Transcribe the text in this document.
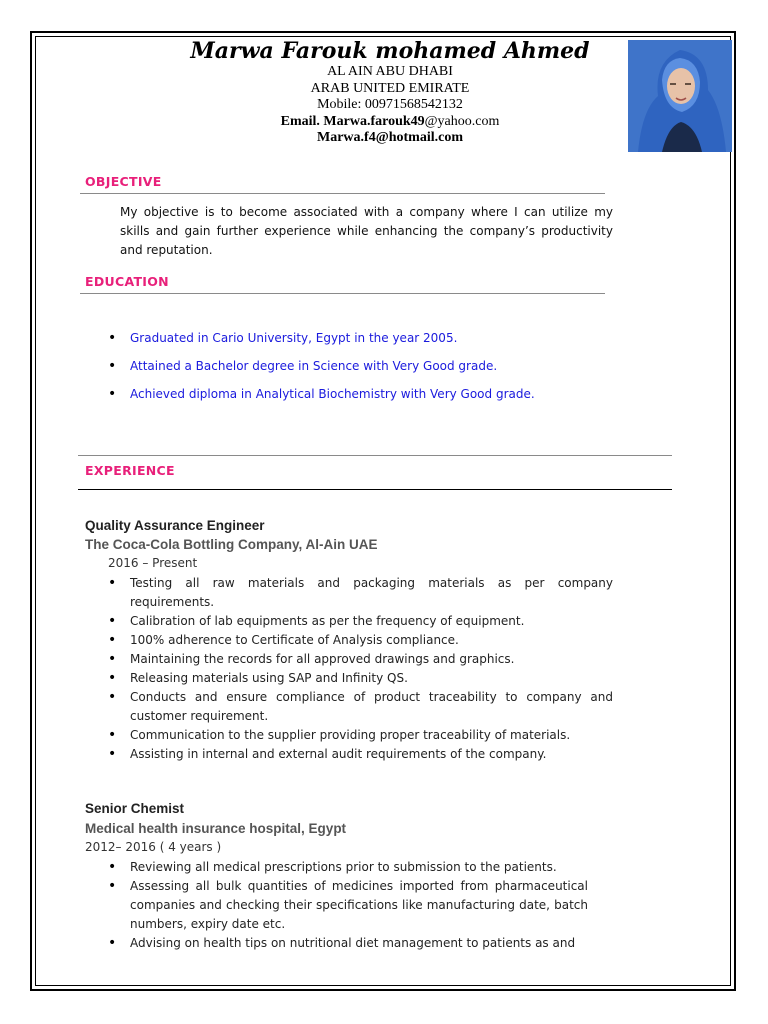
Marwa Farouk mohamed Ahmed
AL AIN ABU DHABI
ARAB UNITED EMIRATE
Mobile: 00971568542132
Email. Marwa.farouk49@yahoo.com
Marwa.f4@hotmail.com
OBJECTIVE
My objective is to become associated with a company where I can utilize my skills and gain further experience while enhancing the company’s productivity and reputation.
EDUCATION
• Graduated in Cario University, Egypt in the year 2005.
• Attained a Bachelor degree in Science with Very Good grade.
• Achieved diploma in Analytical Biochemistry with Very Good grade.
EXPERIENCE
Quality Assurance Engineer
The Coca-Cola Bottling Company, Al-Ain UAE
2016 – Present
• Testing all raw materials and packaging materials as per company requirements.
• Calibration of lab equipments as per the frequency of equipment.
• 100% adherence to Certificate of Analysis compliance.
• Maintaining the records for all approved drawings and graphics.
• Releasing materials using SAP and Infinity QS.
• Conducts and ensure compliance of product traceability to company and customer requirement.
• Communication to the supplier providing proper traceability of materials.
• Assisting in internal and external audit requirements of the company.
Senior Chemist
Medical health insurance hospital, Egypt
2012– 2016 ( 4 years )
• Reviewing all medical prescriptions prior to submission to the patients.
• Assessing all bulk quantities of medicines imported from pharmaceutical companies and checking their specifications like manufacturing date, batch numbers, expiry date etc.
• Advising on health tips on nutritional diet management to patients as and
